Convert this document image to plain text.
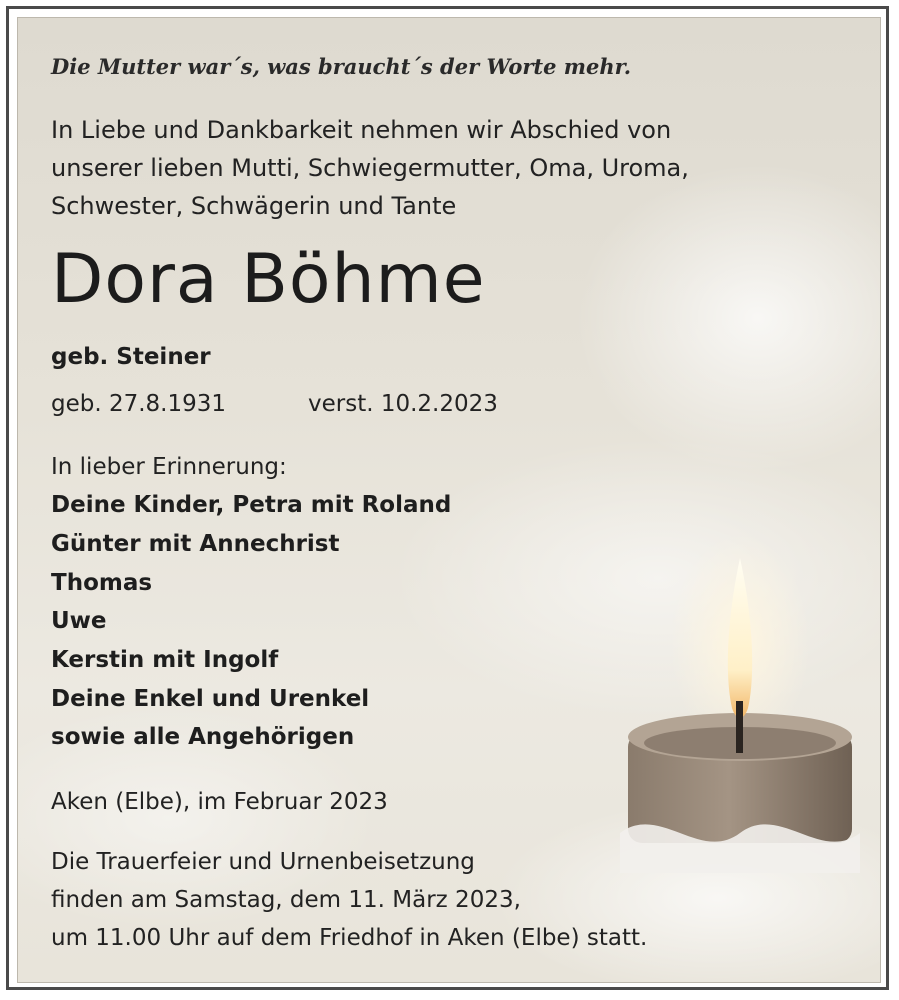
Die Mutter war´s, was braucht´s der Worte mehr.
In Liebe und Dankbarkeit nehmen wir Abschied von
unserer lieben Mutti, Schwiegermutter, Oma, Uroma,
Schwester, Schwägerin und Tante
Dora Böhme
geb. Steiner
geb. 27.8.1931	verst. 10.2.2023
In lieber Erinnerung:
Deine Kinder, Petra mit Roland
Günter mit Annechrist
Thomas
Uwe
Kerstin mit Ingolf
Deine Enkel und Urenkel
sowie alle Angehörigen
Aken (Elbe), im Februar 2023
Die Trauerfeier und Urnenbeisetzung
finden am Samstag, dem 11. März 2023,
um 11.00 Uhr auf dem Friedhof in Aken (Elbe) statt.
